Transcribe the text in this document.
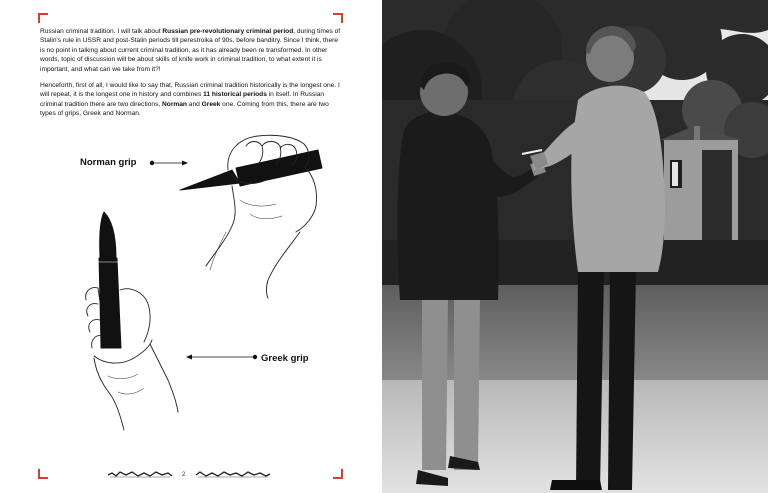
Russian criminal tradition. I will talk about Russian pre-revolutionary criminal period, during times of Stalin's rule in USSR and post-Stalin periods till perestroika of 90s, before banditry. Since I think, there is no point in talking about current criminal tradition, as it has already been re transformed. In other words, topic of discussion will be about skills of knife work in criminal tradition, to what extent it is important, and what can we take from it?!

Henceforth, first of all, I would like to say that, Russian criminal tradition historically is the longest one. I will repeat, it is the longest one in history and combines 11 historical periods in itself. In Russian criminal tradition there are two directions, Norman and Greek one. Coming from this, there are two types of grips, Greek and Norman.

Norman grip
Greek grip
2
